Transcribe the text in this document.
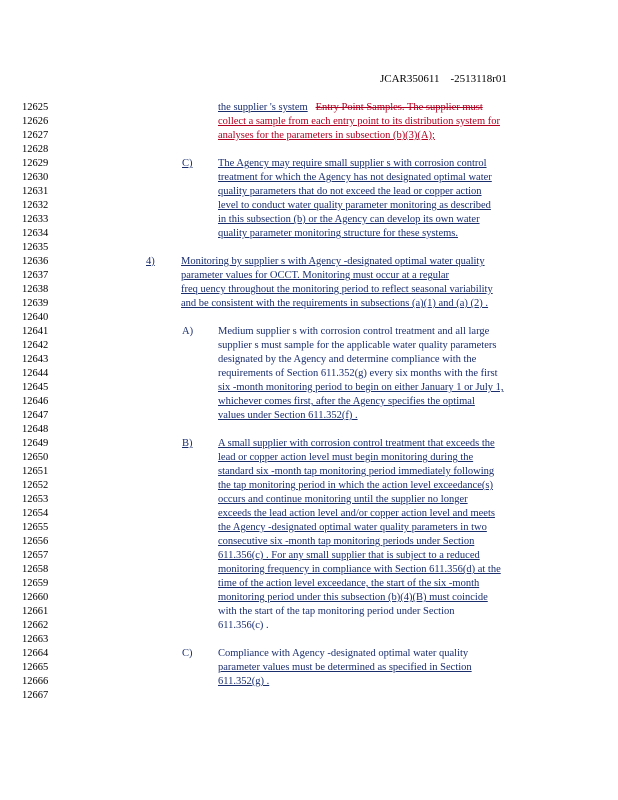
JCAR350611 -2513118r01
12625
12626
12627
12628
12629
12630
12631
12632
12633
12634
12635
12636
12637
12638
12639
12640
12641
12642
12643
12644
12645
12646
12647
12648
12649
12650
12651
12652
12653
12654
12655
12656
12657
12658
12659
12660
12661
12662
12663
12664
12665
12666
12667
the supplier 's system Entry Point Samples. The supplier must
collect a sample from each entry point to its distribution system for
analyses for the parameters in subsection (b)(3)(A);
C) The Agency may require small supplier s with corrosion control
treatment for which the Agency has not designated optimal water
quality parameters that do not exceed the lead or copper action
level to conduct water quality parameter monitoring as described
in this subsection (b) or the Agency can develop its own water
quality parameter monitoring structure for these systems.
4)	Monitoring by supplier s with Agency -designated optimal water quality
parameter values for OCCT. Monitoring must occur at a regular
freq uency throughout the monitoring period to reflect seasonal variability
and be consistent with the requirements in subsections (a)(1) and (a) (2) .
A) Medium supplier s with corrosion control treatment and all large
supplier s must sample for the applicable water quality parameters
designated by the Agency and determine compliance with the
requirements of Section 611.352(g) every six months with the first
six -month monitoring period to begin on either January 1 or July 1,
whichever comes first, after the Agency specifies the optimal
values under Section 611.352(f) .
B) A small supplier with corrosion control treatment that exceeds the
lead or copper action level must begin monitoring during the
standard six -month tap monitoring period immediately following
the tap monitoring period in which the action level exceedance(s)
occurs and continue monitoring until the supplier no longer
exceeds the lead action level and/or copper action level and meets
the Agency -designated optimal water quality parameters in two
consecutive six -month tap monitoring periods under Section
611.356(c) . For any small supplier that is subject to a reduced
monitoring frequency in compliance with Section 611.356(d) at the
time of the action level exceedance, the start of the six -month
monitoring period under this subsection (b)(4)(B) must coincide
with the start of the tap monitoring period under Section
611.356(c) .
C) Compliance with Agency -designated optimal water quality
parameter values must be determined as specified in Section
611.352(g) .
